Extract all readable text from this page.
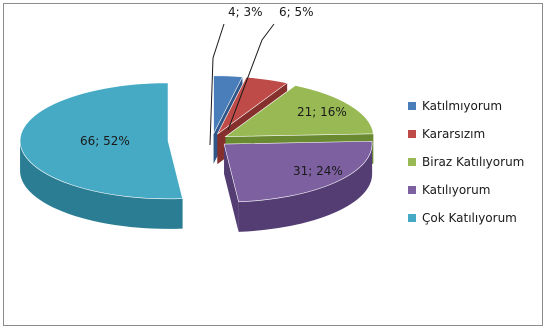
4; 3% 6; 5%
21; 16%
31; 24%
66; 52%
Katılmıyorum
Kararsızım
Biraz Katılıyorum
Katılıyorum
Çok Katılıyorum
